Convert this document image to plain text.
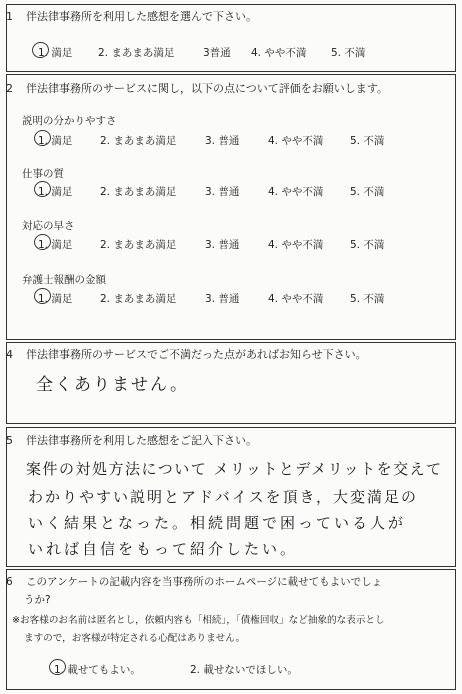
1 伴法律事務所を利用した感想を選んで下さい。
1. 満足	2. まあまあ満足	3普通	4. やや不満	5. 不満
2 伴法律事務所のサービスに関し，以下の点について評価をお願いします。
説明の分かりやすさ
1. 満足	2. まあまあ満足	3. 普通	4. やや不満	5. 不満
仕事の質
1. 満足	2. まあまあ満足	3. 普通	4. やや不満	5. 不満
対応の早さ
1. 満足	2. まあまあ満足	3. 普通	4. やや不満	5. 不満
弁護士報酬の金額
1. 満足	2. まあまあ満足	3. 普通	4. やや不満	5. 不満
4 伴法律事務所のサービスでご不満だった点があればお知らせ下さい。
全くありません。
5 伴法律事務所を利用した感想をご記入下さい。
案件の対処方法について メリットとデメリットを交えて
わかりやすい説明とアドバイスを頂き，大変満足の
いく結果となった。相続問題で困っている人が
いれば自信をもって紹介したい。
6 このアンケートの記載内容を当事務所のホームページに載せてもよいでしょ
うか?
※お客様のお名前は匿名とし，依頼内容も「相続」，「債権回収」など抽象的な表示とし
ますので，お客様が特定される心配はありません。
1. 載せてもよい。	2. 載せないでほしい。
